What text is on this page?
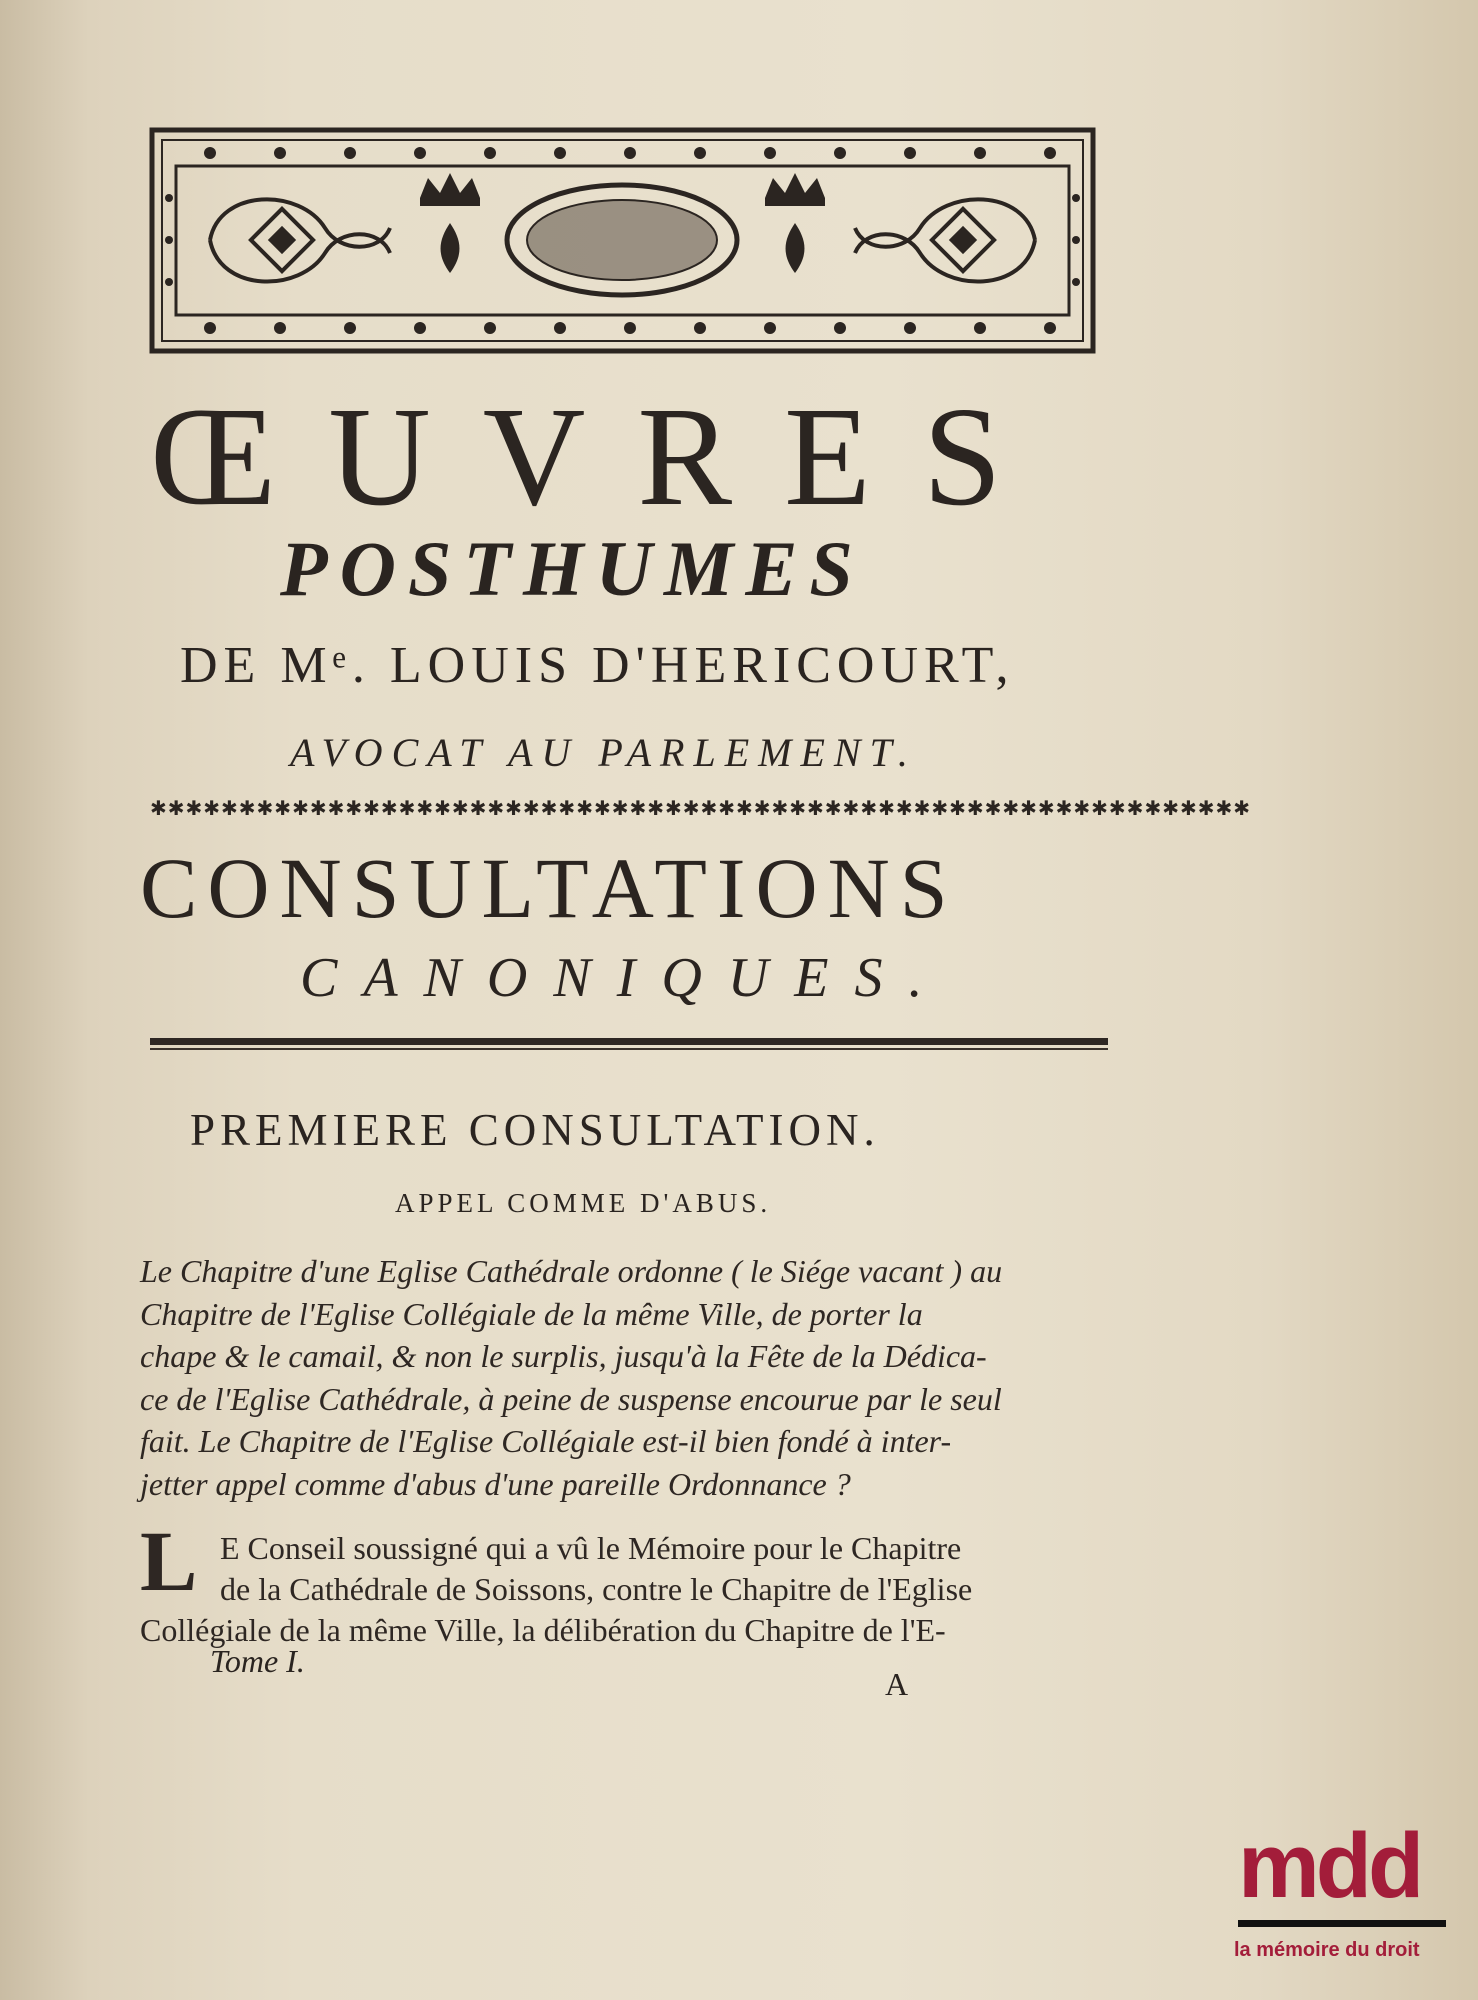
ŒUVRES
POSTHUMES
DE Mᵉ. LOUIS D'HERICOURT,
AVOCAT AU PARLEMENT.
✱✱✱✱✱✱✱✱✱✱✱✱✱✱✱✱✱✱✱✱✱✱✱✱✱✱✱✱✱✱✱✱✱✱✱✱✱✱✱✱✱✱✱✱✱✱✱✱✱✱✱✱✱✱✱✱✱✱✱✱✱✱
CONSULTATIONS
CANONIQUES.
PREMIERE CONSULTATION.
APPEL COMME D'ABUS.
Le Chapitre d'une Eglise Cathédrale ordonne ( le Siége vacant ) au
Chapitre de l'Eglise Collégiale de la même Ville, de porter la
chape & le camail, & non le surplis, jusqu'à la Fête de la Dédica-
ce de l'Eglise Cathédrale, à peine de suspense encourue par le seul
fait. Le Chapitre de l'Eglise Collégiale est-il bien fondé à inter-
jetter appel comme d'abus d'une pareille Ordonnance ?
L E Conseil soussigné qui a vû le Mémoire pour le Chapitre
de la Cathédrale de Soissons, contre le Chapitre de l'Eglise
Collégiale de la même Ville, la délibération du Chapitre de l'E-
Tome I.
A
mdd
la mémoire du droit
